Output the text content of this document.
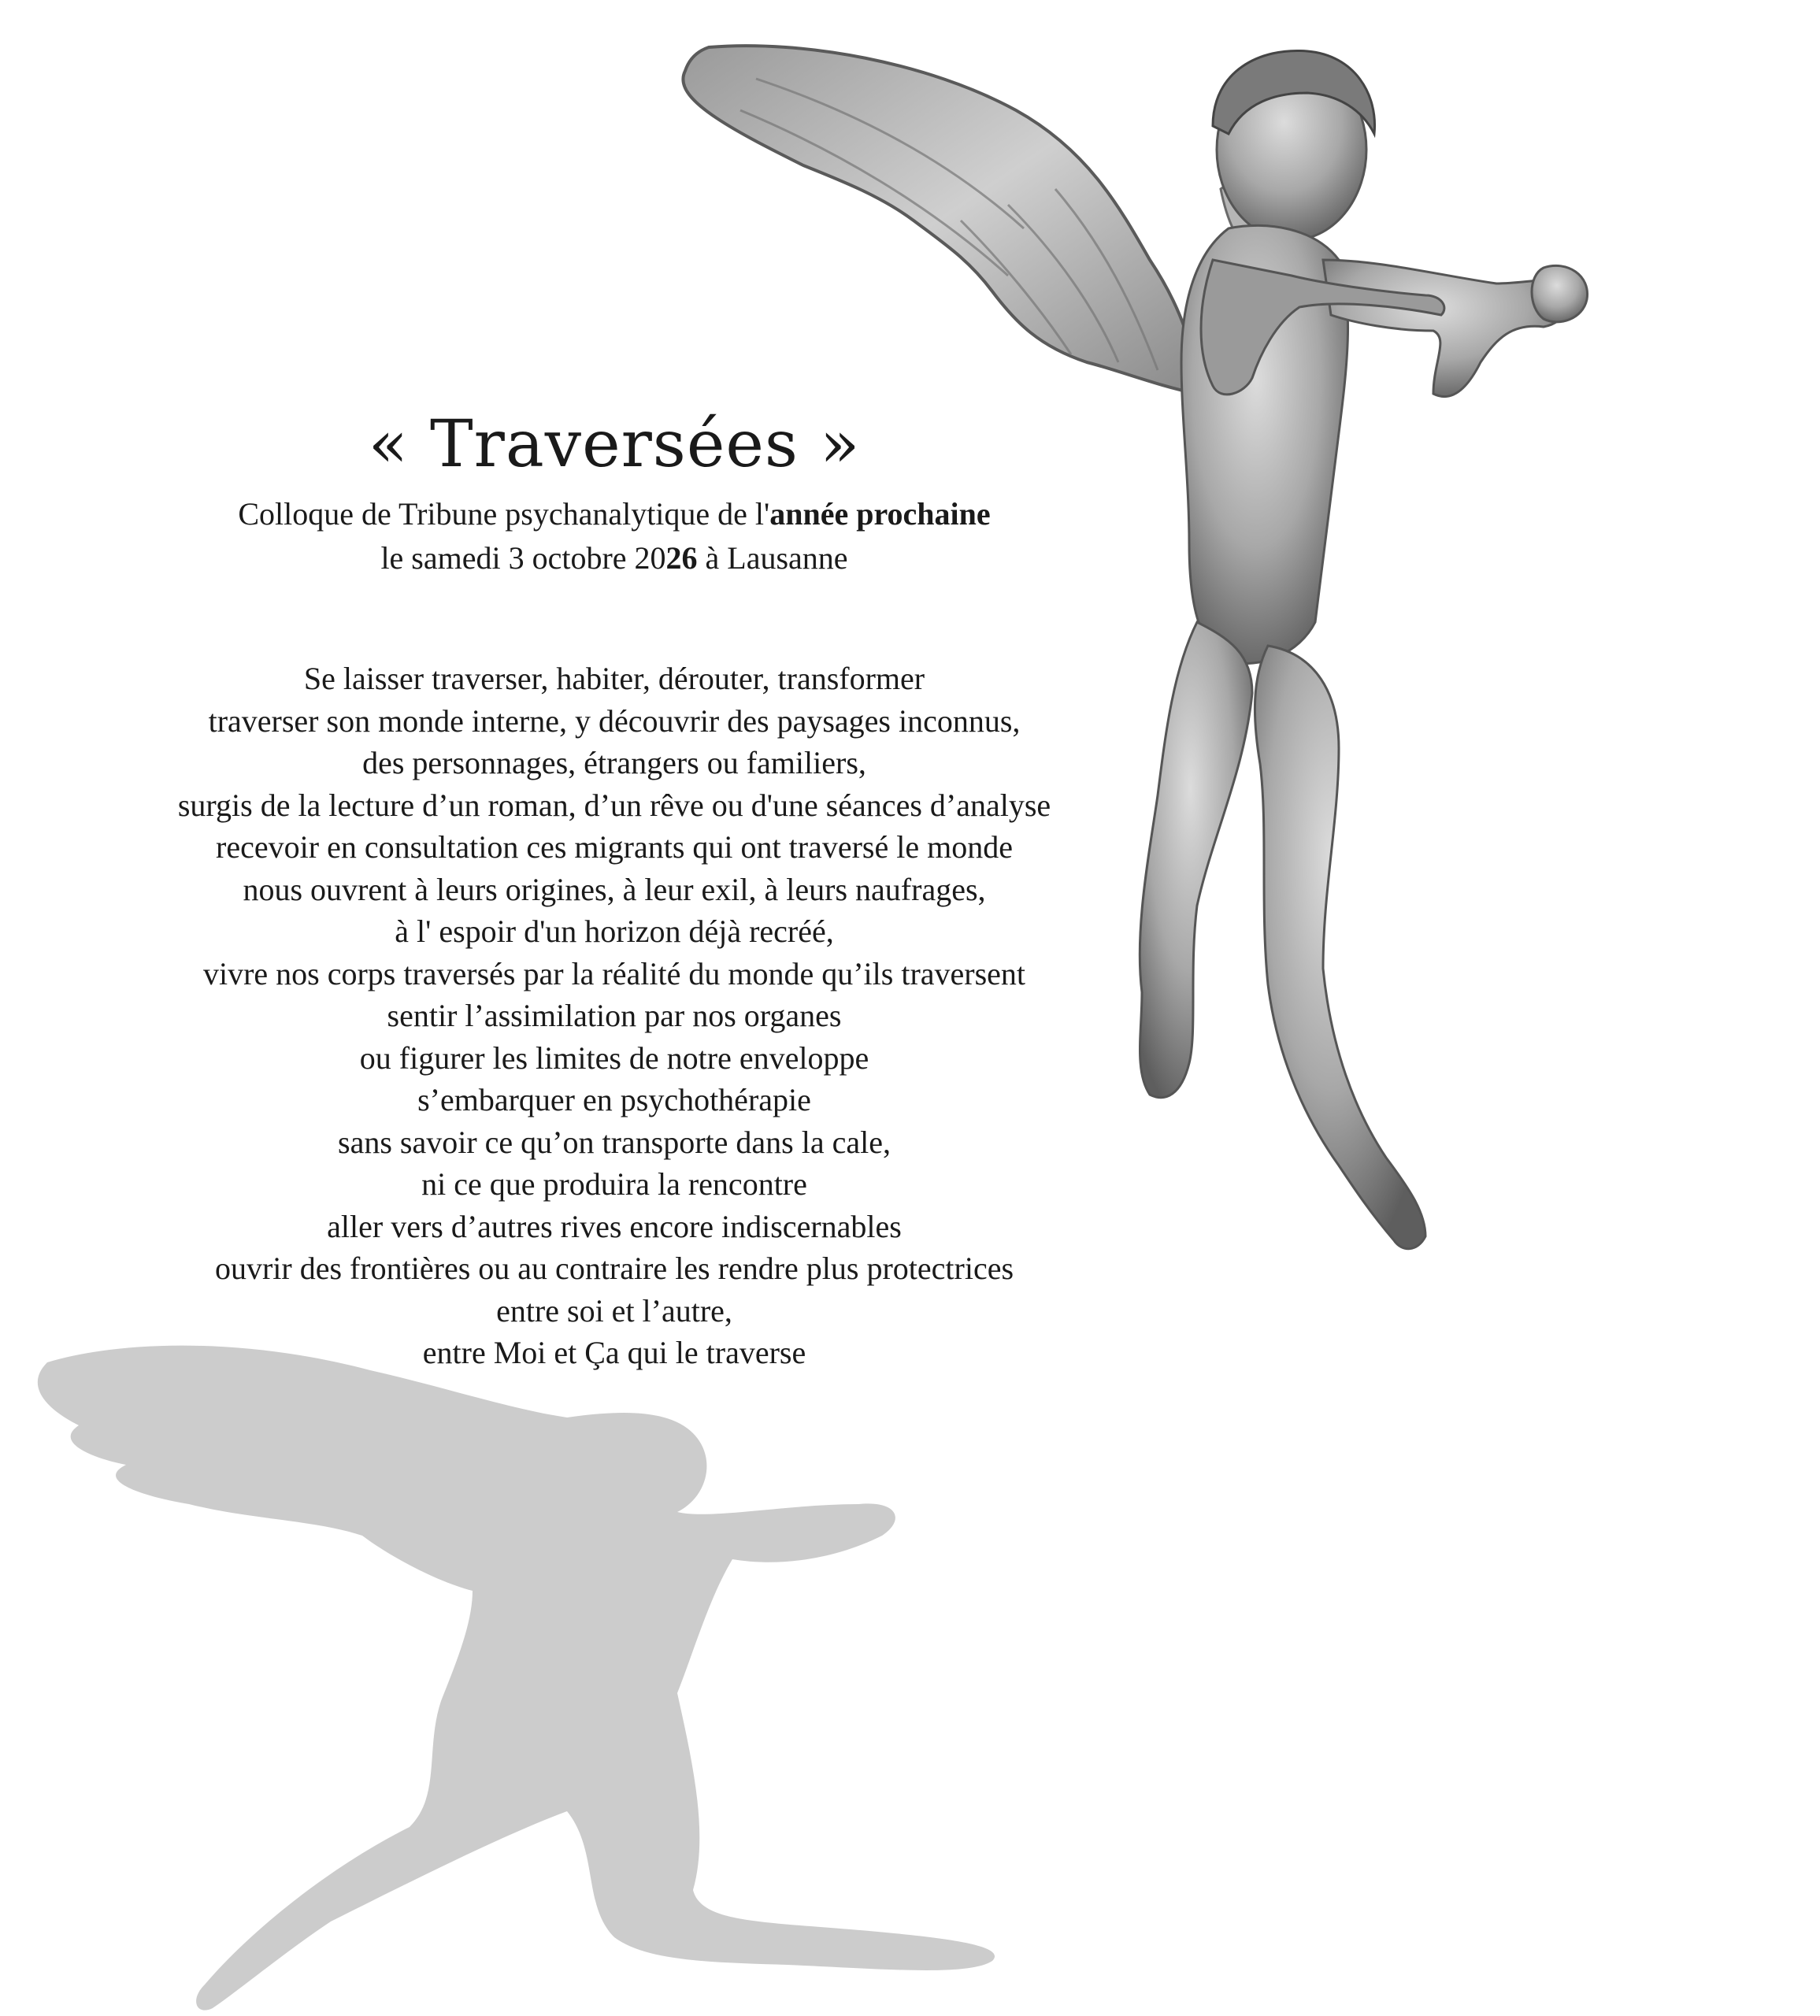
« Traversées »
Colloque de Tribune psychanalytique de l'année prochaine
le samedi 3 octobre 2026 à Lausanne
Se laisser traverser, habiter, dérouter, transformer
traverser son monde interne, y découvrir des paysages inconnus,
des personnages, étrangers ou familiers,
surgis de la lecture d’un roman, d’un rêve ou d'une séances d’analyse
recevoir en consultation ces migrants qui ont traversé le monde
nous ouvrent à leurs origines, à leur exil, à leurs naufrages,
à l' espoir d'un horizon déjà recréé,
vivre nos corps traversés par la réalité du monde qu’ils traversent
sentir l’assimilation par nos organes
ou figurer les limites de notre enveloppe
s’embarquer en psychothérapie
sans savoir ce qu’on transporte dans la cale,
ni ce que produira la rencontre
aller vers d’autres rives encore indiscernables
ouvrir des frontières ou au contraire les rendre plus protectrices
entre soi et l’autre,
entre Moi et Ça qui le traverse
